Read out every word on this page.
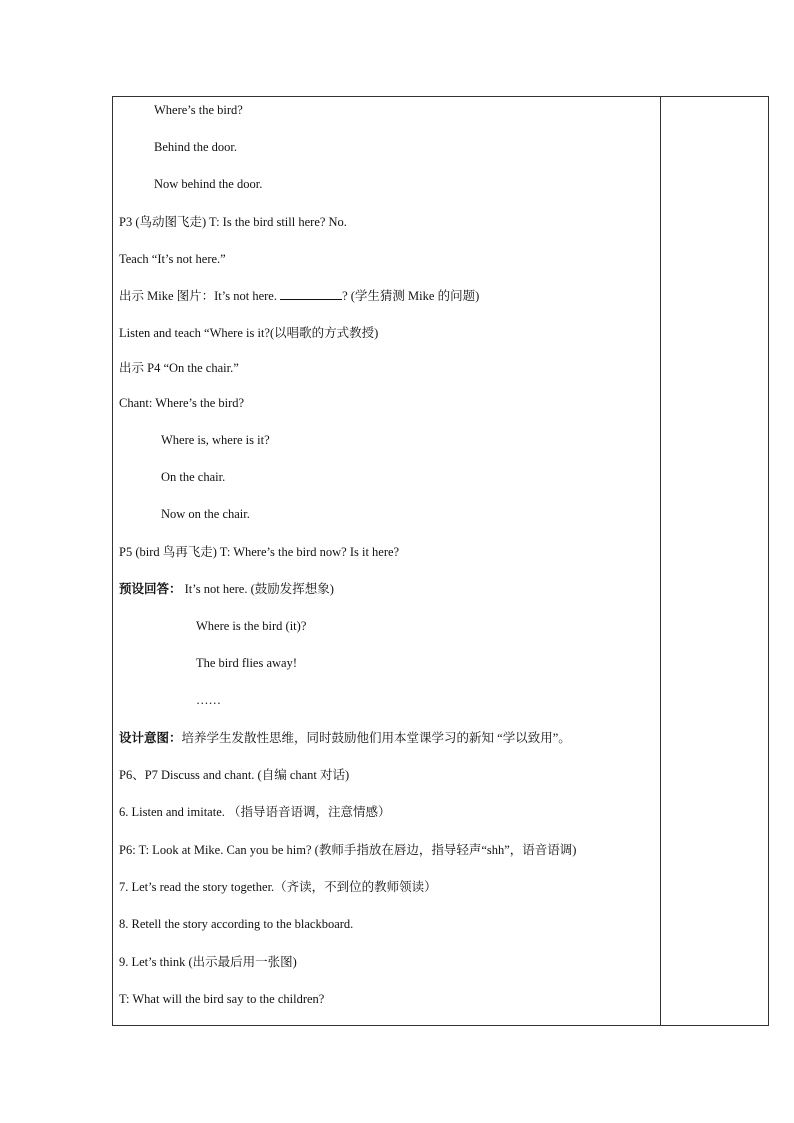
Where’s the bird?
Behind the door.
Now behind the door.
P3 (鸟动图飞走) T: Is the bird still here? No.
Teach “It’s not here.”
出示 Mike 图片：It’s not here.	? (学生猜测 Mike 的问题)
Listen and teach “Where is it?(以唱歌的方式教授)
出示 P4 “On the chair.”
Chant: Where’s the bird?
Where is, where is it?
On the chair.
Now on the chair.
P5 (bird 鸟再飞走) T: Where’s the bird now? Is it here?
预设回答： It’s not here. (鼓励发挥想象)
Where is the bird (it)?
The bird flies away!
……
设计意图：培养学生发散性思维，同时鼓励他们用本堂课学习的新知 “学以致用”。
P6、P7 Discuss and chant. (自编 chant 对话)
6. Listen and imitate. （指导语音语调，注意情感）
P6: T: Look at Mike. Can you be him? (教师手指放在唇边，指导轻声“shh”，语音语调)
7. Let’s read the story together.（齐读，不到位的教师领读）
8. Retell the story according to the blackboard.
9. Let’s think (出示最后用一张图)
T: What will the bird say to the children?
